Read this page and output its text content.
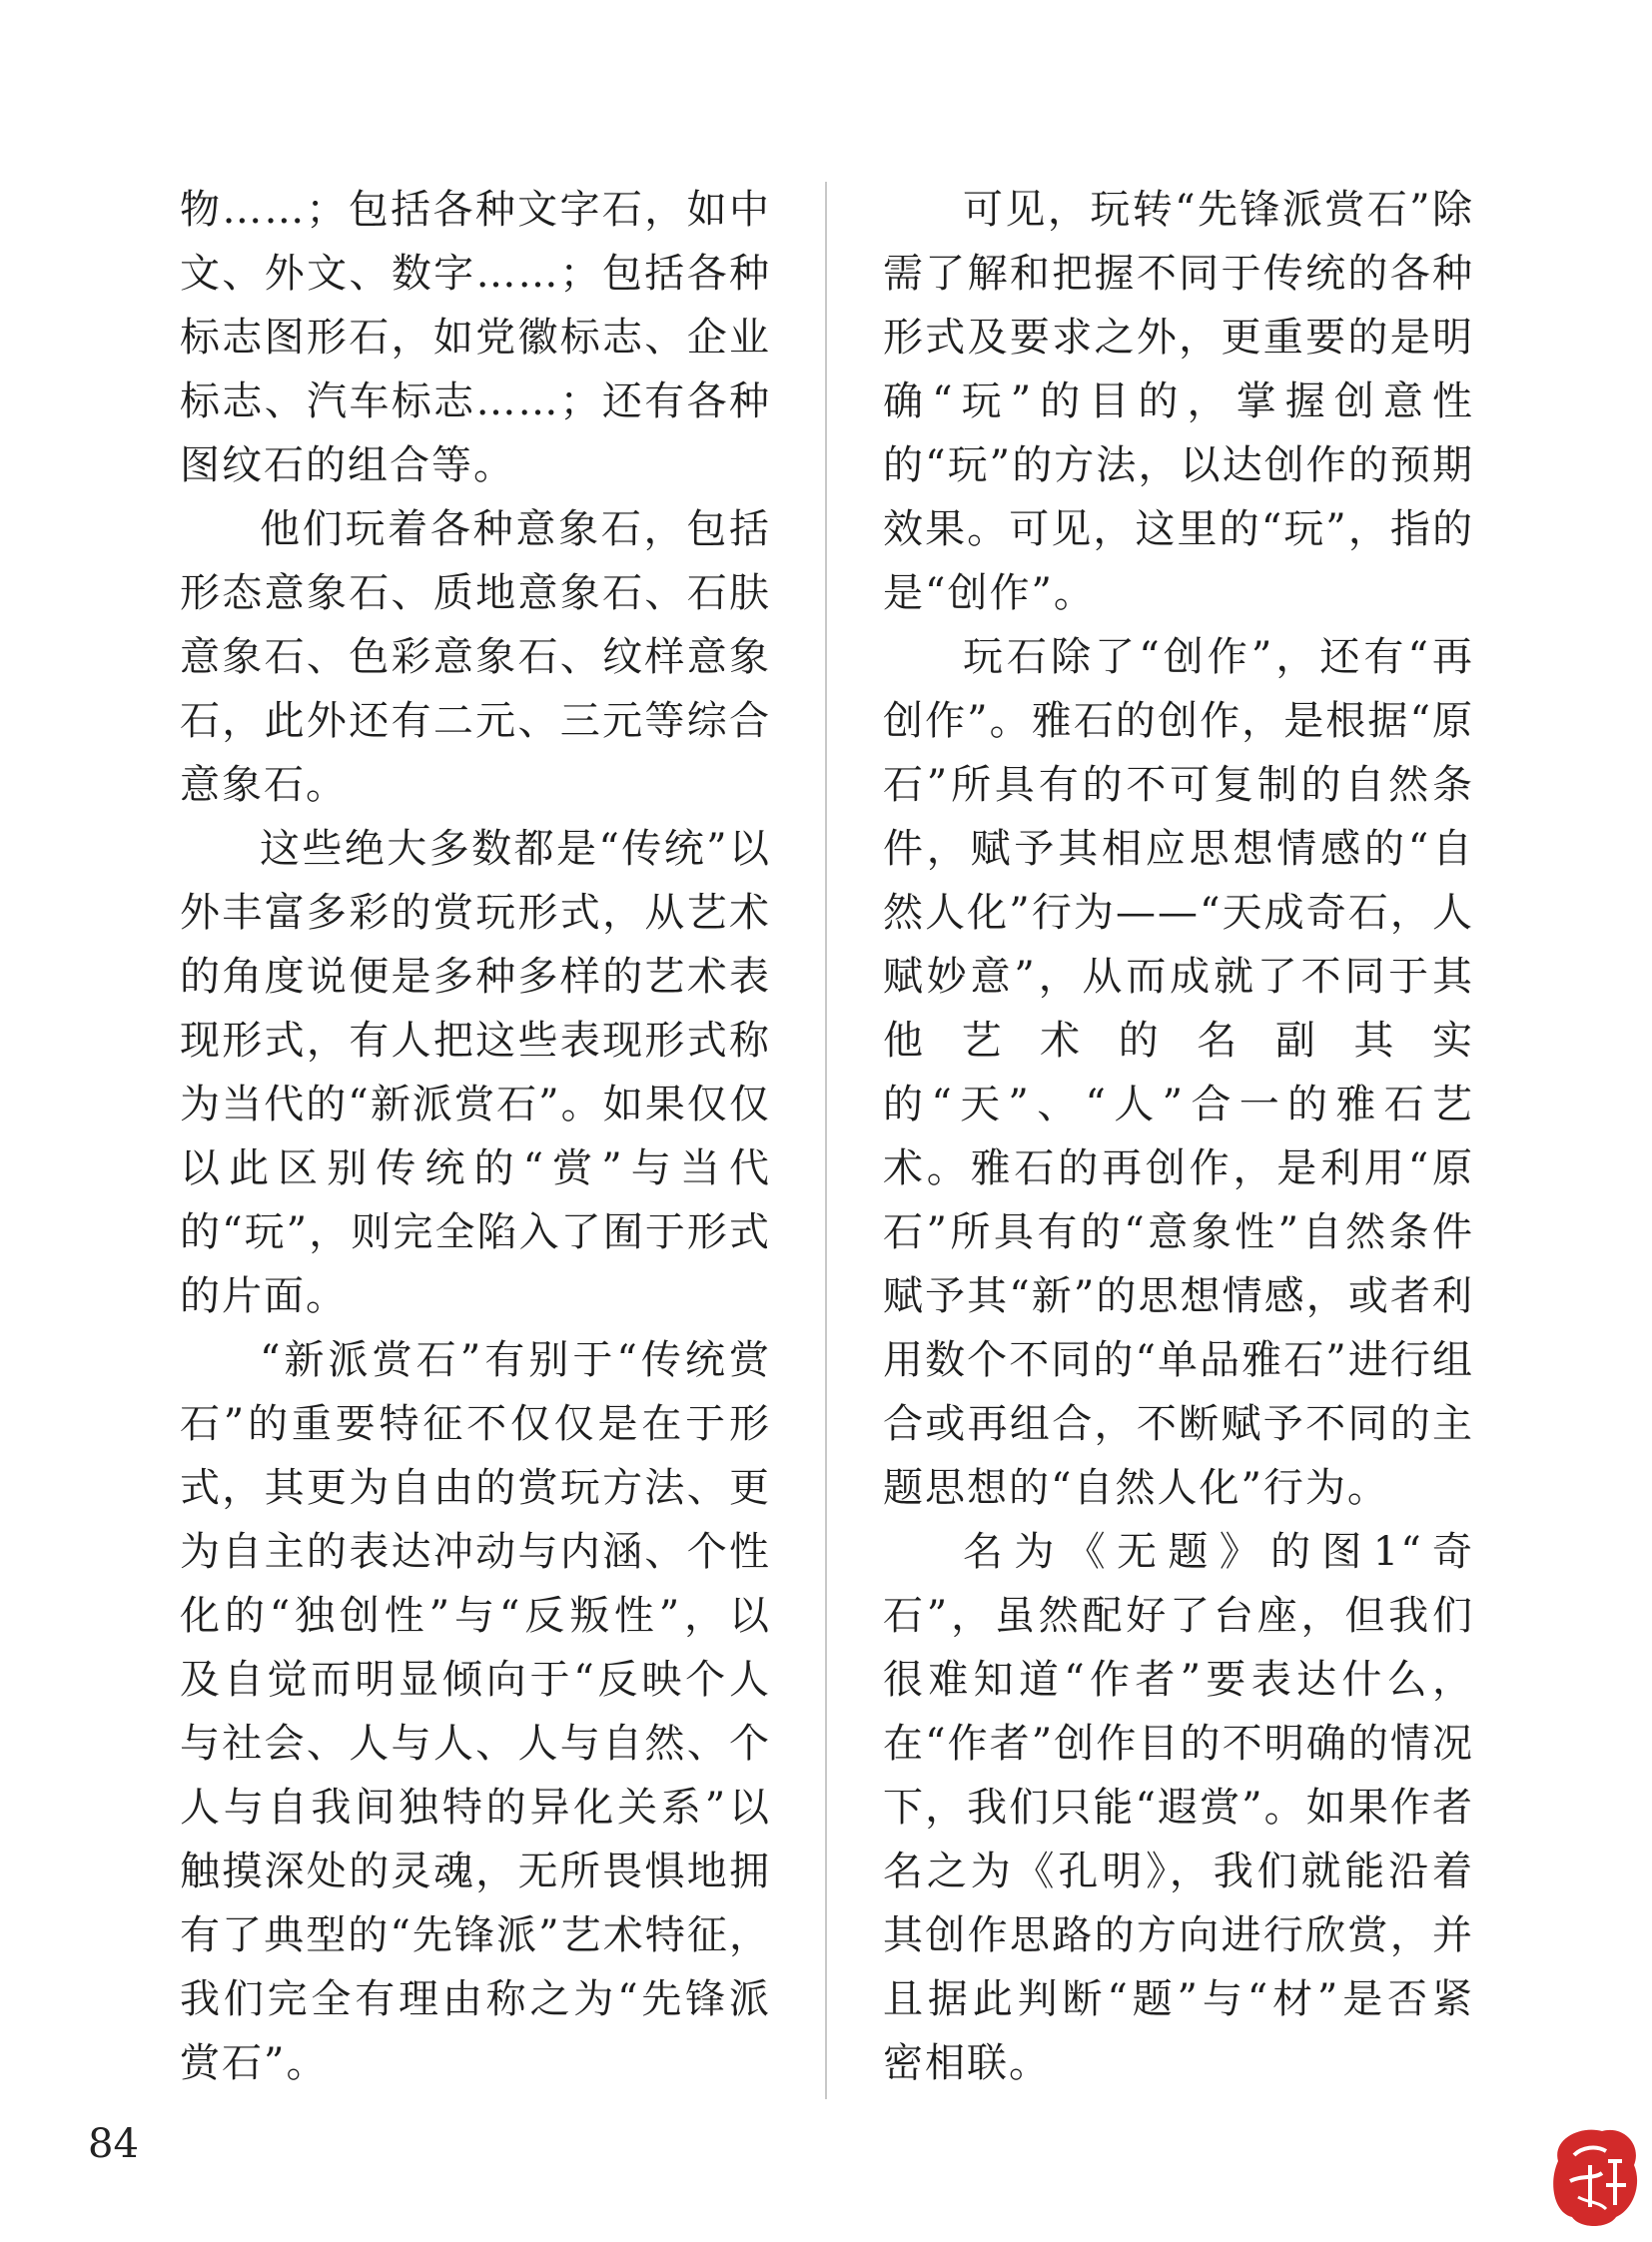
物……；包括各种文字石，如中文、外文、数字……；包括各种标志图形石，如党徽标志、企业标志、汽车标志……；还有各种图纹石的组合等。

他们玩着各种意象石，包括形态意象石、质地意象石、石肤意象石、色彩意象石、纹样意象石，此外还有二元、三元等综合意象石。

这些绝大多数都是“传统”以外丰富多彩的赏玩形式，从艺术的角度说便是多种多样的艺术表现形式，有人把这些表现形式称为当代的“新派赏石”。如果仅仅以此区别传统的“赏”与当代的“玩”，则完全陷入了囿于形式的片面。

“新派赏石”有别于“传统赏石”的重要特征不仅仅是在于形式，其更为自由的赏玩方法、更为自主的表达冲动与内涵、个性化的“独创性”与“反叛性”，以及自觉而明显倾向于“反映个人与社会、人与人、人与自然、个人与自我间独特的异化关系”以触摸深处的灵魂，无所畏惧地拥有了典型的“先锋派”艺术特征，我们完全有理由称之为“先锋派赏石”。

可见，玩转“先锋派赏石”除需了解和把握不同于传统的各种形式及要求之外，更重要的是明确“玩”的目的，掌握创意性的“玩”的方法，以达创作的预期效果。可见，这里的“玩”，指的是“创作”。

玩石除了“创作”，还有“再创作”。雅石的创作，是根据“原石”所具有的不可复制的自然条件，赋予其相应思想情感的“自然人化”行为——“天成奇石，人赋妙意”，从而成就了不同于其他艺术的名副其实的“天”、“人”合一的雅石艺术。雅石的再创作，是利用“原石”所具有的“意象性”自然条件赋予其“新”的思想情感，或者利用数个不同的“单品雅石”进行组合或再组合，不断赋予不同的主题思想的“自然人化”行为。

名为《无题》的图1“奇石”，虽然配好了台座，但我们很难知道“作者”要表达什么，在“作者”创作目的不明确的情况下，我们只能“遐赏”。如果作者名之为《孔明》，我们就能沿着其创作思路的方向进行欣赏，并且据此判断“题”与“材”是否紧密相联。

84
